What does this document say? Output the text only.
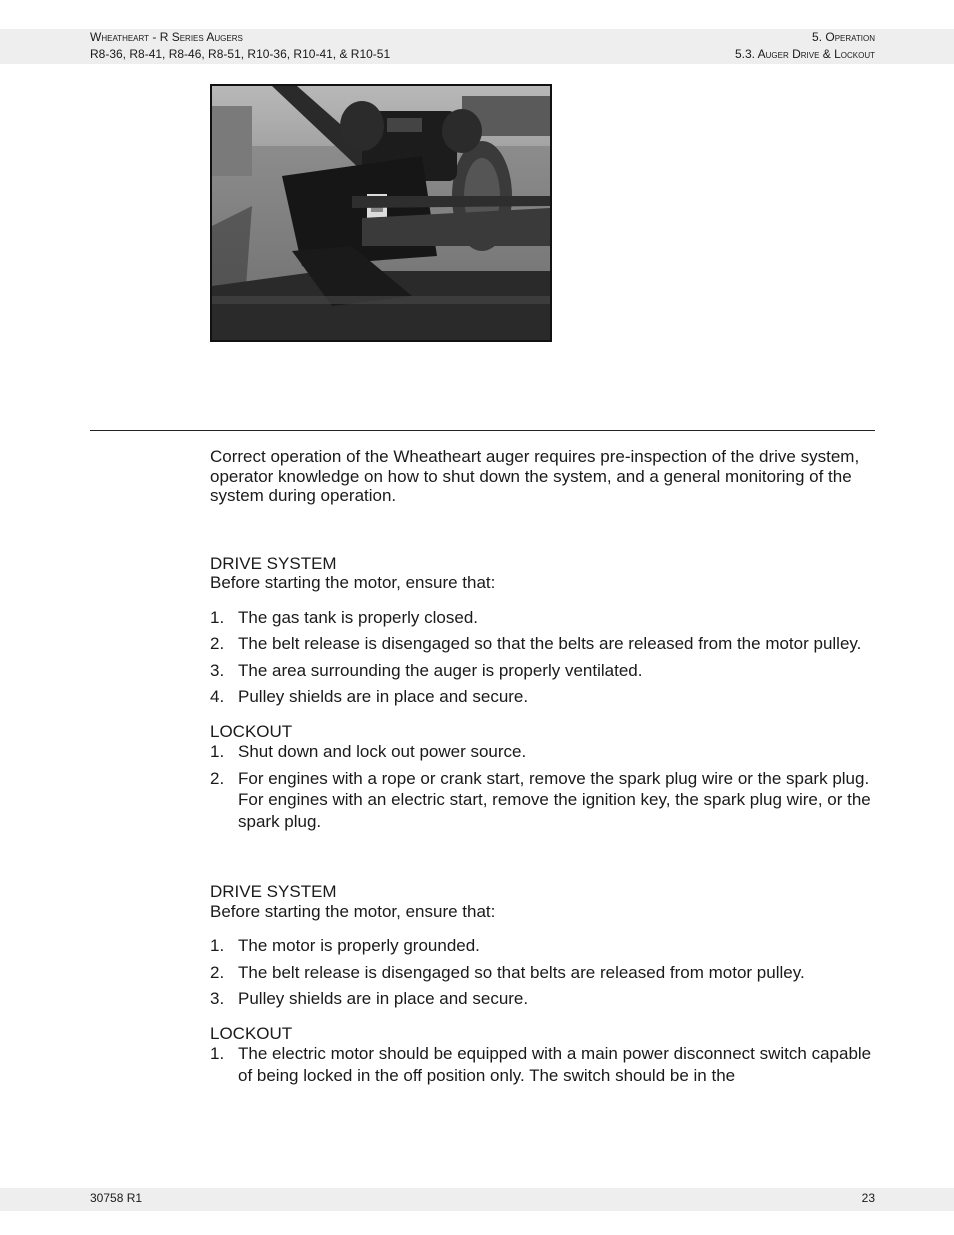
Wheatheart - R Series Augers
R8-36, R8-41, R8-46, R8-51, R10-36, R10-41, & R10-51
5. Operation
5.3. Auger Drive & Lockout

Correct operation of the Wheatheart auger requires pre-inspection of the drive system, operator knowledge on how to shut down the system, and a general monitoring of the system during operation.

DRIVE SYSTEM

Before starting the motor, ensure that:

1. The gas tank is properly closed.
2. The belt release is disengaged so that the belts are released from the motor pulley.
3. The area surrounding the auger is properly ventilated.
4. Pulley shields are in place and secure.

LOCKOUT

1. Shut down and lock out power source.
2. For engines with a rope or crank start, remove the spark plug wire or the spark plug. For engines with an electric start, remove the ignition key, the spark plug wire, or the spark plug.

DRIVE SYSTEM

Before starting the motor, ensure that:

1. The motor is properly grounded.
2. The belt release is disengaged so that belts are released from motor pulley.
3. Pulley shields are in place and secure.

LOCKOUT

1. The electric motor should be equipped with a main power disconnect switch capable of being locked in the off position only. The switch should be in the
30758 R1	23
